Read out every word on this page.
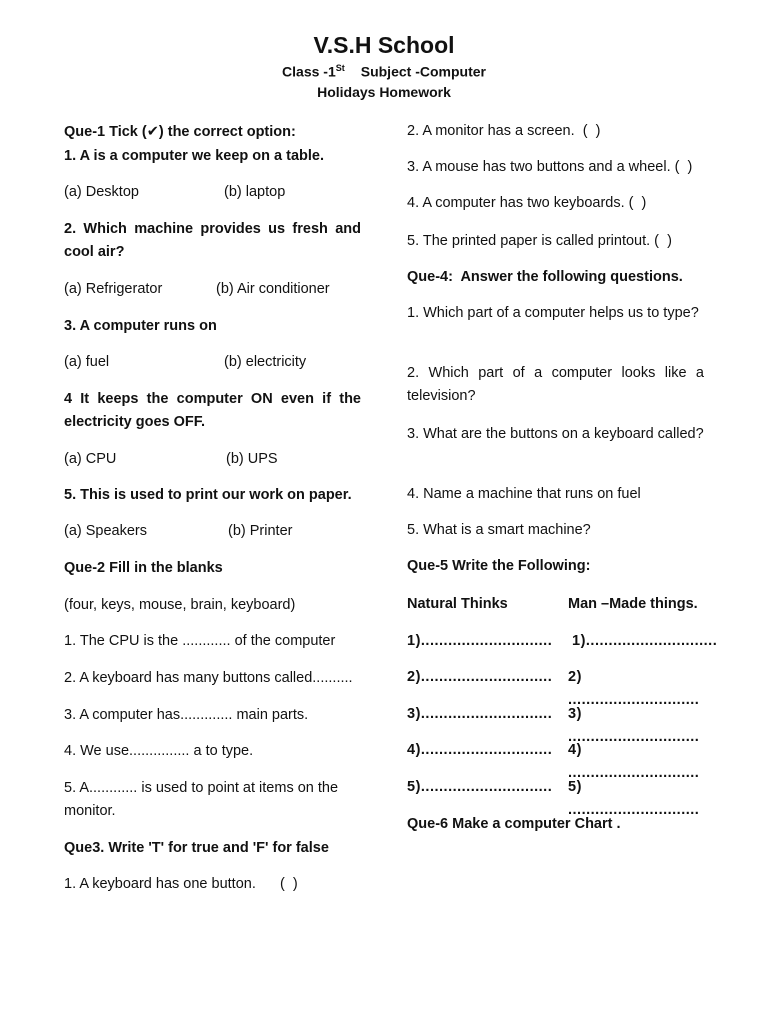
V.S.H School
Class -1St Subject -Computer
Holidays Homework
Que-1 Tick (✔) the correct option:
1. A is a computer we keep on a table.
(a) Desktop	(b) laptop
2. Which machine provides us fresh and cool air?
(a) Refrigerator	(b) Air conditioner
3. A computer runs on
(a) fuel	(b) electricity
4 It keeps the computer ON even if the electricity goes OFF.
(a) CPU	(b) UPS
5. This is used to print our work on paper.
(a) Speakers	(b) Printer
Que-2 Fill in the blanks
(four, keys, mouse, brain, keyboard)
1. The CPU is the ............ of the computer
2. A keyboard has many buttons called..........
3. A computer has............. main parts.
4. We use............... a to type.
5. A............ is used to point at items on the monitor.
Que3. Write 'T' for true and 'F' for false
1. A keyboard has one button.      (  )
2. A monitor has a screen.  (  )
3. A mouse has two buttons and a wheel. (  )
4. A computer has two keyboards. (  )
5. The printed paper is called printout. (  )
Que-4:  Answer the following questions.
1. Which part of a computer helps us to type?
2. Which part of a computer looks like a television?
3. What are the buttons on a keyboard called?
4. Name a machine that runs on fuel
5. What is a smart machine?
Que-5 Write the Following:
Natural Thinks	Man –Made things.
1)............................. 1).............................
2)............................. 2) .............................
3)............................. 3) .............................
4)............................. 4) .............................
5)............................. 5) .............................
Que-6 Make a computer Chart .
